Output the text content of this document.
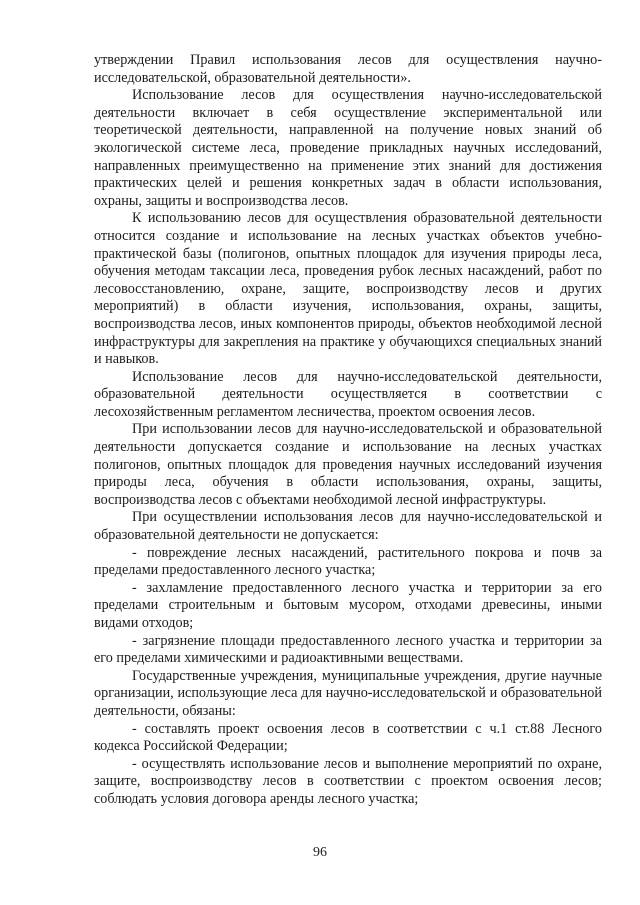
утверждении Правил использования лесов для осуществления научно-исследовательской, образовательной деятельности».

Использование лесов для осуществления научно-исследовательской деятельности включает в себя осуществление экспериментальной или теоретической деятельности, направленной на получение новых знаний об экологической системе леса, проведение прикладных научных исследований, направленных преимущественно на применение этих знаний для достижения практических целей и решения конкретных задач в области использования, охраны, защиты и воспроизводства лесов.

К использованию лесов для осуществления образовательной деятельности относится создание и использование на лесных участках объектов учебно-практической базы (полигонов, опытных площадок для изучения природы леса, обучения методам таксации леса, проведения рубок лесных насаждений, работ по лесовосстановлению, охране, защите, воспроизводству лесов и других мероприятий) в области изучения, использования, охраны, защиты, воспроизводства лесов, иных компонентов природы, объектов необходимой лесной инфраструктуры для закрепления на практике у обучающихся специальных знаний и навыков.

Использование лесов для научно-исследовательской деятельности, образовательной деятельности осуществляется в соответствии с лесохозяйственным регламентом лесничества, проектом освоения лесов.

При использовании лесов для научно-исследовательской и образовательной деятельности допускается создание и использование на лесных участках полигонов, опытных площадок для проведения научных исследований изучения природы леса, обучения в области использования, охраны, защиты, воспроизводства лесов с объектами необходимой лесной инфраструктуры.

При осуществлении использования лесов для научно-исследовательской и образовательной деятельности не допускается:

- повреждение лесных насаждений, растительного покрова и почв за пределами предоставленного лесного участка;

- захламление предоставленного лесного участка и территории за его пределами строительным и бытовым мусором, отходами древесины, иными видами отходов;

- загрязнение площади предоставленного лесного участка и территории за его пределами химическими и радиоактивными веществами.

Государственные учреждения, муниципальные учреждения, другие научные организации, использующие леса для научно-исследовательской и образовательной деятельности, обязаны:

- составлять проект освоения лесов в соответствии с ч.1 ст.88 Лесного кодекса Российской Федерации;

- осуществлять использование лесов и выполнение мероприятий по охране, защите, воспроизводству лесов в соответствии с проектом освоения лесов; соблюдать условия договора аренды лесного участка;

96
